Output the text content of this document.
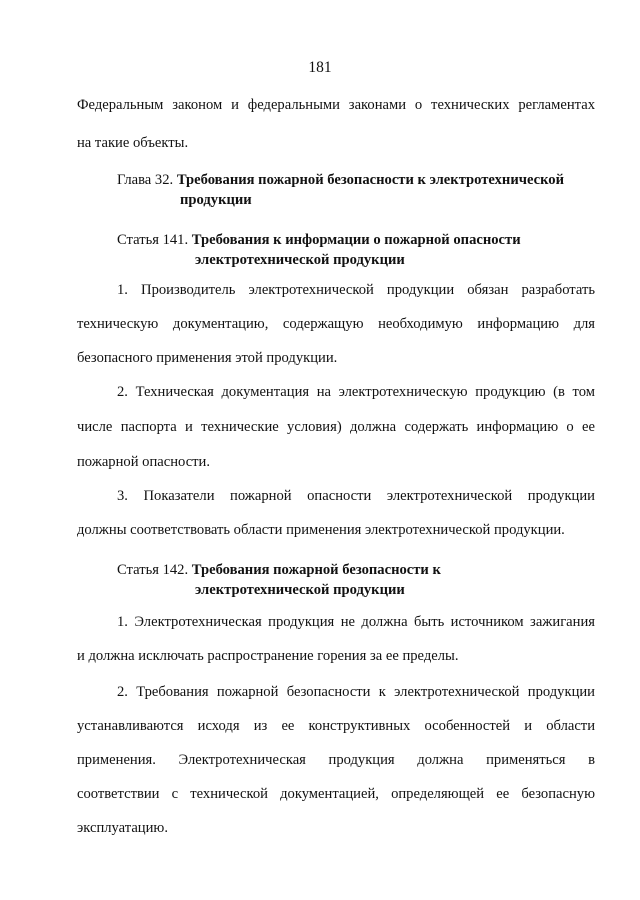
181
Федеральным законом и федеральными законами о технических регламентах
на такие объекты.
Глава 32. Требования пожарной безопасности к электротехнической
продукции
Статья 141. Требования к информации о пожарной опасности
электротехнической продукции
1. Производитель электротехнической продукции обязан разработать
техническую документацию, содержащую необходимую информацию для
безопасного применения этой продукции.
2. Техническая документация на электротехническую продукцию (в том
числе паспорта и технические условия) должна содержать информацию о ее
пожарной опасности.
3. Показатели пожарной опасности электротехнической продукции
должны соответствовать области применения электротехнической продукции.
Статья 142. Требования пожарной безопасности к
электротехнической продукции
1. Электротехническая продукция не должна быть источником зажигания
и должна исключать распространение горения за ее пределы.
2. Требования пожарной безопасности к электротехнической продукции
устанавливаются исходя из ее конструктивных особенностей и области
применения. Электротехническая продукция должна применяться в
соответствии с технической документацией, определяющей ее безопасную
эксплуатацию.
